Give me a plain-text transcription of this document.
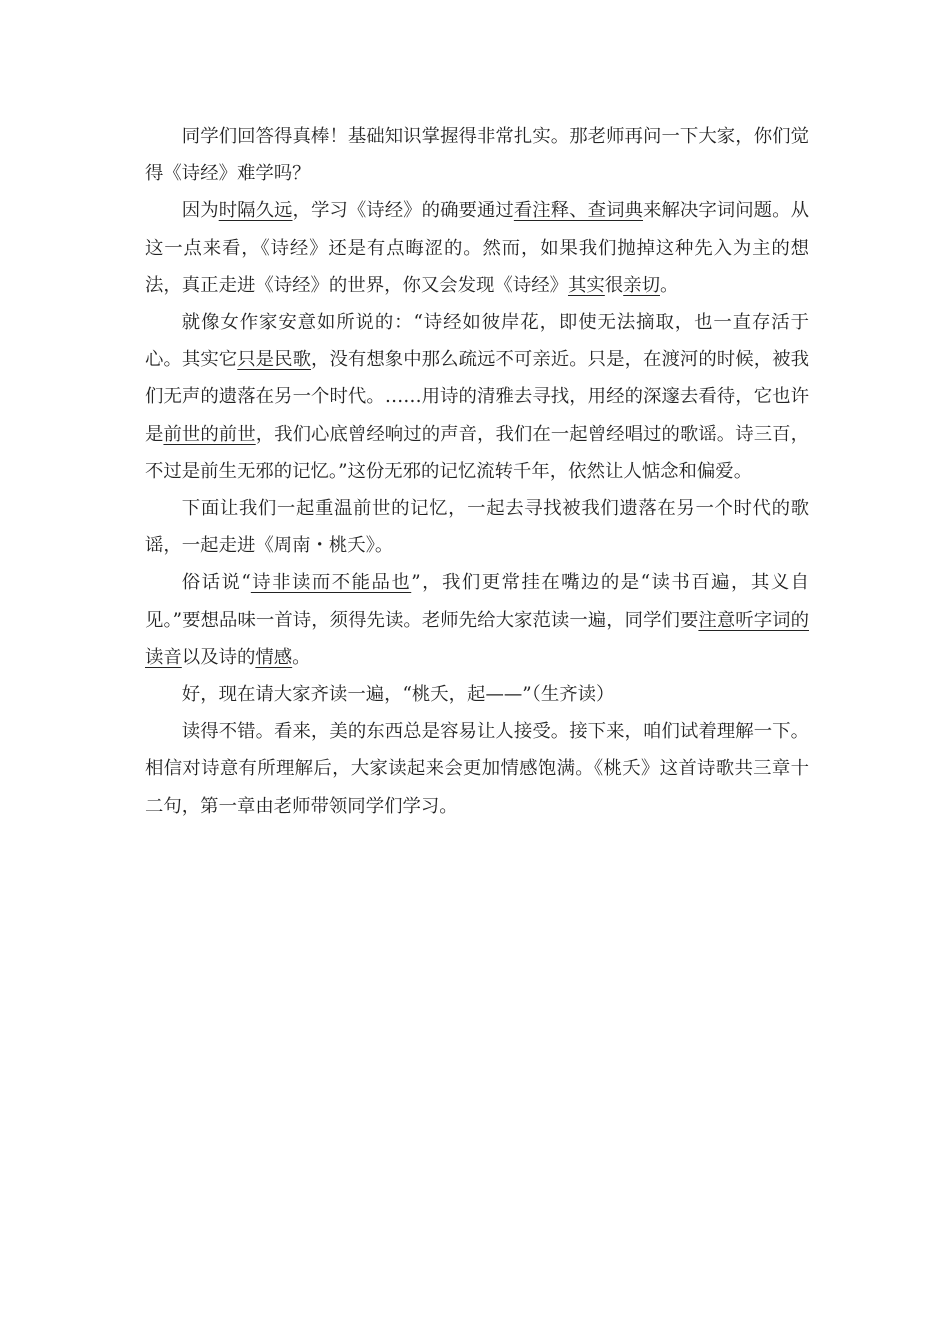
同学们回答得真棒！基础知识掌握得非常扎实。那老师再问一下大家，你们觉得《诗经》难学吗？

因为时隔久远，学习《诗经》的确要通过看注释、查词典来解决字词问题。从这一点来看，《诗经》还是有点晦涩的。然而，如果我们抛掉这种先入为主的想法，真正走进《诗经》的世界，你又会发现《诗经》其实很亲切。

就像女作家安意如所说的：“诗经如彼岸花，即使无法摘取，也一直存活于心。其实它只是民歌，没有想象中那么疏远不可亲近。只是，在渡河的时候，被我们无声的遗落在另一个时代。……用诗的清雅去寻找，用经的深邃去看待，它也许是前世的前世，我们心底曾经响过的声音，我们在一起曾经唱过的歌谣。诗三百，不过是前生无邪的记忆。”这份无邪的记忆流转千年，依然让人惦念和偏爱。

下面让我们一起重温前世的记忆，一起去寻找被我们遗落在另一个时代的歌谣，一起走进《周南・桃夭》。

俗话说“诗非读而不能品也”，我们更常挂在嘴边的是“读书百遍，其义自见。”要想品味一首诗，须得先读。老师先给大家范读一遍，同学们要注意听字词的读音以及诗的情感。

好，现在请大家齐读一遍，“桃夭，起——”（生齐读）

读得不错。看来，美的东西总是容易让人接受。接下来，咱们试着理解一下。相信对诗意有所理解后，大家读起来会更加情感饱满。《桃夭》这首诗歌共三章十二句，第一章由老师带领同学们学习。
